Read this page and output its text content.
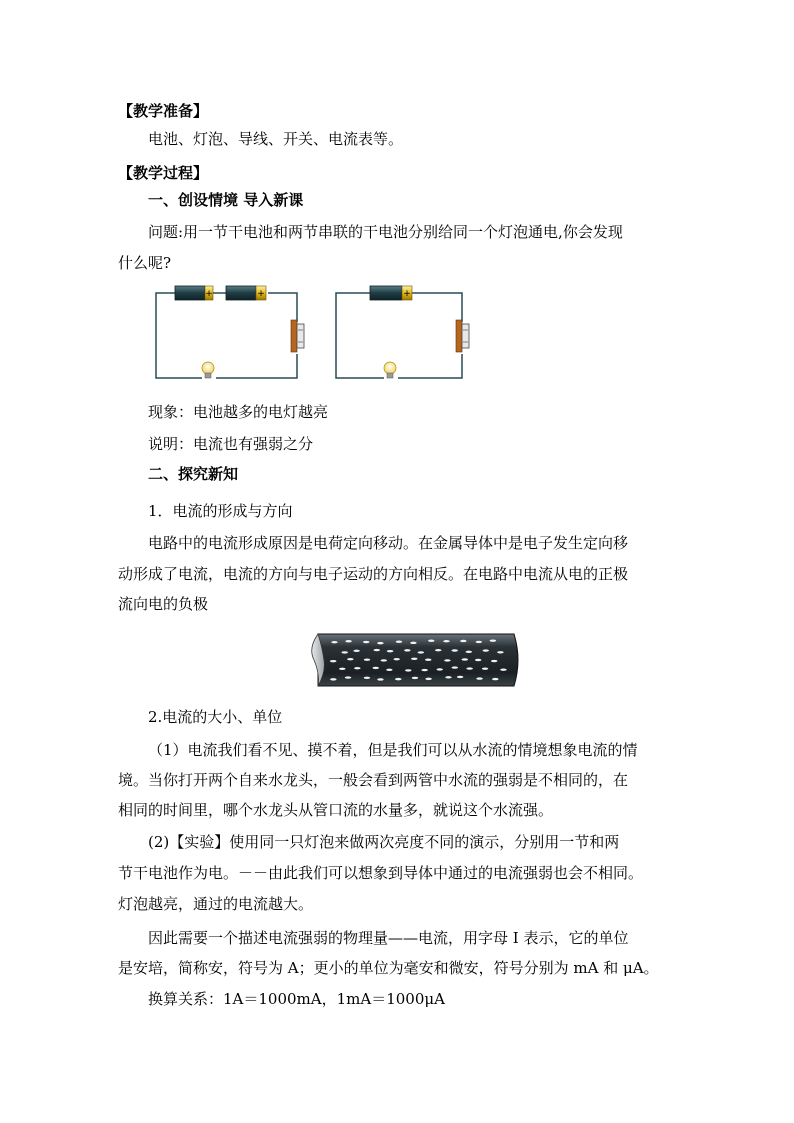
【教学准备】
电池、灯泡、导线、开关、电流表等。
【教学过程】
一、创设情境 导入新课
问题:用一节干电池和两节串联的干电池分别给同一个灯泡通电,你会发现
什么呢?
+	+	+
现象：电池越多的电灯越亮
说明：电流也有强弱之分
二、探究新知
1．电流的形成与方向
电路中的电流形成原因是电荷定向移动。在金属导体中是电子发生定向移
动形成了电流，电流的方向与电子运动的方向相反。在电路中电流从电的正极
流向电的负极
2.电流的大小、单位
（1）电流我们看不见、摸不着，但是我们可以从水流的情境想象电流的情
境。当你打开两个自来水龙头，一般会看到两管中水流的强弱是不相同的，在
相同的时间里，哪个水龙头从管口流的水量多，就说这个水流强。
(2)【实验】使用同一只灯泡来做两次亮度不同的演示，分别用一节和两
节干电池作为电。－－由此我们可以想象到导体中通过的电流强弱也会不相同。
灯泡越亮，通过的电流越大。
因此需要一个描述电流强弱的物理量——电流，用字母 I 表示，它的单位
是安培，简称安，符号为 A；更小的单位为毫安和微安，符号分别为 mA 和 μA。
换算关系：1A＝1000mA，1mA＝1000μA
